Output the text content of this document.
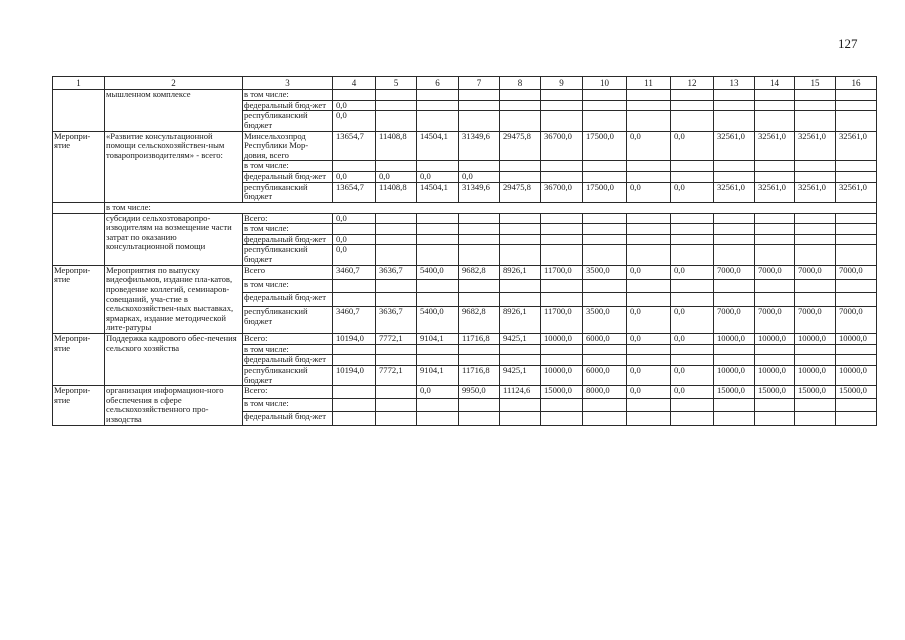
127
1	2	3	4	5	6	7	8	9	10	11	12	13	14	15	16
	мышленном комплексе	в том числе:													
		федеральный бюд-жет	0,0												
		республиканский бюджет	0,0												
Меропри-ятие	«Развитие консультационной помощи сельскохозяйствен-ным товаропроизводителям» - всего:	Минсельхозпрод Республики Мор-довия, всего	13654,7	11408,8	14504,1	31349,6	29475,8	36700,0	17500,0	0,0	0,0	32561,0	32561,0	32561,0	32561,0
		в том числе:													
		федеральный бюд-жет	0,0	0,0	0,0	0,0									
		республиканский бюджет	13654,7	11408,8	14504,1	31349,6	29475,8	36700,0	17500,0	0,0	0,0	32561,0	32561,0	32561,0	32561,0
	в том числе:														
	субсидии сельхозтоваропро-изводителям на возмещение части затрат по оказанию консультационной помощи	Всего:	0,0												
		в том числе:													
		федеральный бюд-жет	0,0												
		республиканский бюджет	0,0												
Меропри-ятие	Мероприятия по выпуску видеофильмов, издание пла-катов, проведение коллегий, семинаров-совещаний, уча-стие в сельскохозяйствен-ных выставках, ярмарках, издание методической лите-ратуры	Всего	3460,7	3636,7	5400,0	9682,8	8926,1	11700,0	3500,0	0,0	0,0	7000,0	7000,0	7000,0	7000,0
		в том числе:													
		федеральный бюд-жет													
		республиканский бюджет	3460,7	3636,7	5400,0	9682,8	8926,1	11700,0	3500,0	0,0	0,0	7000,0	7000,0	7000,0	7000,0
Меропри-ятие	Поддержка кадрового обес-печения сельского хозяйства	Всего:	10194,0	7772,1	9104,1	11716,8	9425,1	10000,0	6000,0	0,0	0,0	10000,0	10000,0	10000,0	10000,0
		в том числе:													
		федеральный бюд-жет													
		республиканский бюджет	10194,0	7772,1	9104,1	11716,8	9425,1	10000,0	6000,0	0,0	0,0	10000,0	10000,0	10000,0	10000,0
Меропри-ятие	организация информацион-ного обеспечения в сфере сельскохозяйственного про-изводства	Всего:			0,0	9950,0	11124,6	15000,0	8000,0	0,0	0,0	15000,0	15000,0	15000,0	15000,0
		в том числе:													
		федеральный бюд-жет													
